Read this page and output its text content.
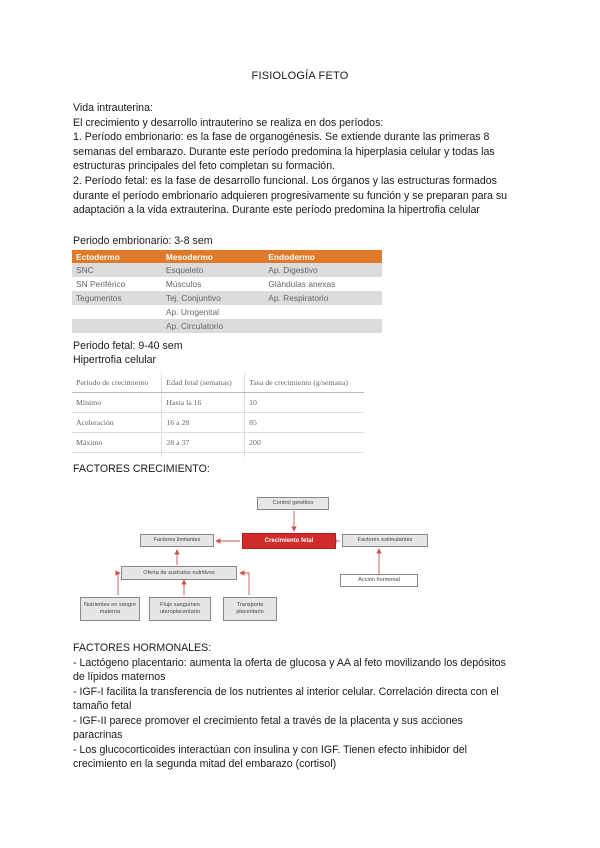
FISIOLOGÍA FETO
Vida intrauterina:
El crecimiento y desarrollo intrauterino se realiza en dos períodos:
1. Período embrionario: es la fase de organogénesis. Se extiende durante las primeras 8
semanas del embarazo. Durante este período predomina la hiperplasia celular y todas las
estructuras principales del feto completan su formación.
2. Período fetal: es la fase de desarrollo funcional. Los órganos y las estructuras formados
durante el período embrionario adquieren progresivamente su función y se preparan para su
adaptación a la vida extrauterina. Durante este período predomina la hipertrofia celular
Periodo embrionario: 3-8 sem
Ectodermo	Mesodermo	Endodermo
SNC	Esqueleto	Ap. Digestivo
SN Periférico	Músculos	Glándulas anexas
Tegumentos	Tej. Conjuntivo	Ap. Respiratorio
	Ap. Urogenital	
	Ap. Circulatorio	
Periodo fetal: 9-40 sem
Hipertrofia celular
Período de crecimiento	Edad fetal (semanas)	Tasa de crecimiento (g/semana)
Mínimo	Hasta la 16	10
Aceleración	16 a 28	85
Máximo	28 a 37	200

FACTORES CRECIMIENTO:
Control genético
Crecimiento fetal
Factores limitantes	Factores estimulantes
Acción hormonal
Oferta de sustratos nutritivos
Nutrientes en sangre materna
Flujo sanguíneo uteroplacentario
Transporte placentario
FACTORES HORMONALES:
- Lactógeno placentario: aumenta la oferta de glucosa y AA al feto movilizando los depósitos
de lípidos maternos
- IGF-I facilita la transferencia de los nutrientes al interior celular. Correlación directa con el
tamaño fetal
- IGF-II parece promover el crecimiento fetal a través de la placenta y sus acciones
paracrinas
- Los glucocorticoides interactúan con insulina y con IGF. Tienen efecto inhibidor del
crecimiento en la segunda mitad del embarazo (cortisol)
